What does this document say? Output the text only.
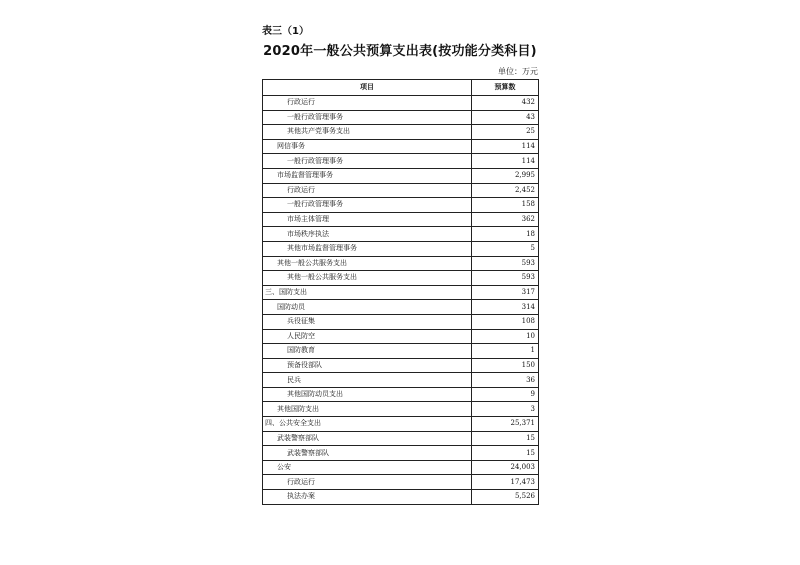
表三（1）
2020年一般公共预算支出表(按功能分类科目)
单位：万元
项目	预算数
行政运行	432
一般行政管理事务	43
其他共产党事务支出	25
网信事务	114
一般行政管理事务	114
市场监督管理事务	2,995
行政运行	2,452
一般行政管理事务	158
市场主体管理	362
市场秩序执法	18
其他市场监督管理事务	5
其他一般公共服务支出	593
其他一般公共服务支出	593
三、国防支出	317
国防动员	314
兵役征集	108
人民防空	10
国防教育	1
预备役部队	150
民兵	36
其他国防动员支出	9
其他国防支出	3
四、公共安全支出	25,371
武装警察部队	15
武装警察部队	15
公安	24,003
行政运行	17,473
执法办案	5,526
